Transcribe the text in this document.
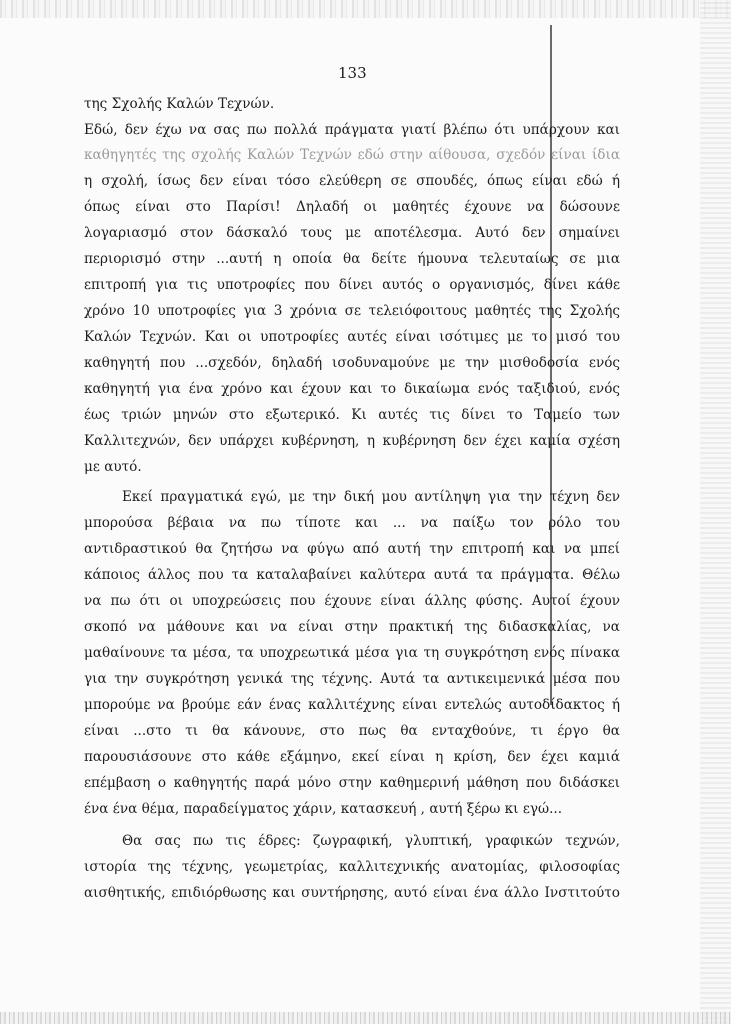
133
της Σχολής Καλών Τεχνών.
Εδώ, δεν έχω να σας πω πολλά πράγματα γιατί βλέπω ότι υπάρχουν και
καθηγητές της σχολής Καλών Τεχνών εδώ στην αίθουσα, σχεδόν είναι ίδια
η σχολή, ίσως δεν είναι τόσο ελεύθερη σε σπουδές, όπως είναι εδώ ή
όπως είναι στο Παρίσι! Δηλαδή οι μαθητές έχουνε να δώσουνε
λογαριασμό στον δάσκαλό τους με αποτέλεσμα. Αυτό δεν σημαίνει
περιορισμό στην ...αυτή η οποία θα δείτε ήμουνα τελευταίως σε μια
επιτροπή για τις υποτροφίες που δίνει αυτός ο οργανισμός, δίνει κάθε
χρόνο 10 υποτροφίες για 3 χρόνια σε τελειόφοιτους μαθητές της Σχολής
Καλών Τεχνών. Και οι υποτροφίες αυτές είναι ισότιμες με το μισό του
καθηγητή που ...σχεδόν, δηλαδή ισοδυναμούνε με την μισθοδοσία ενός
καθηγητή για ένα χρόνο και έχουν και το δικαίωμα ενός ταξιδιού, ενός
έως τριών μηνών στο εξωτερικό. Κι αυτές τις δίνει το Ταμείο των
Καλλιτεχνών, δεν υπάρχει κυβέρνηση, η κυβέρνηση δεν έχει καμία σχέση
με αυτό.
Εκεί πραγματικά εγώ, με την δική μου αντίληψη για την τέχνη δεν
μπορούσα βέβαια να πω τίποτε και ... να παίξω τον ρόλο του
αντιδραστικού θα ζητήσω να φύγω από αυτή την επιτροπή και να μπεί
κάποιος άλλος που τα καταλαβαίνει καλύτερα αυτά τα πράγματα. Θέλω
να πω ότι οι υποχρεώσεις που έχουνε είναι άλλης φύσης. Αυτοί έχουν
σκοπό να μάθουνε και να είναι στην πρακτική της διδασκαλίας, να
μαθαίνουνε τα μέσα, τα υποχρεωτικά μέσα για τη συγκρότηση ενός πίνακα
για την συγκρότηση γενικά της τέχνης. Αυτά τα αντικειμενικά μέσα που
μπορούμε να βρούμε εάν ένας καλλιτέχνης είναι εντελώς αυτοδίδακτος ή
είναι ...στο τι θα κάνουνε, στο πως θα ενταχθούνε, τι έργο θα
παρουσιάσουνε στο κάθε εξάμηνο, εκεί είναι η κρίση, δεν έχει καμιά
επέμβαση ο καθηγητής παρά μόνο στην καθημερινή μάθηση που διδάσκει
ένα ένα θέμα, παραδείγματος χάριν, κατασκευή , αυτή ξέρω κι εγώ...
Θα σας πω τις έδρες: ζωγραφική, γλυπτική, γραφικών τεχνών,
ιστορία της τέχνης, γεωμετρίας, καλλιτεχνικής ανατομίας, φιλοσοφίας
αισθητικής, επιδιόρθωσης και συντήρησης, αυτό είναι ένα άλλο Ινστιτούτο
